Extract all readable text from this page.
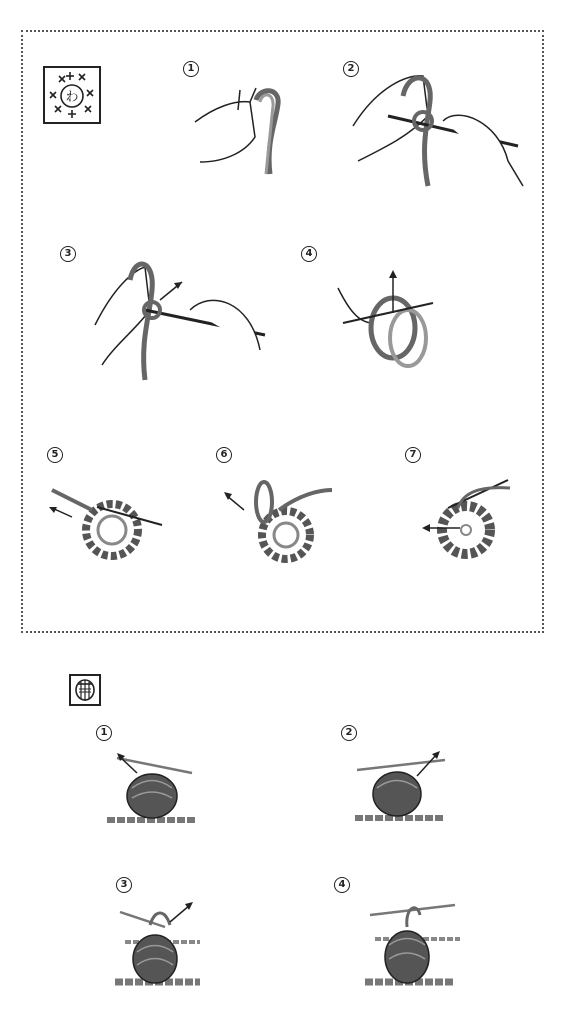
わ
1	2
3	4
5	6	7
1	2
3	4
